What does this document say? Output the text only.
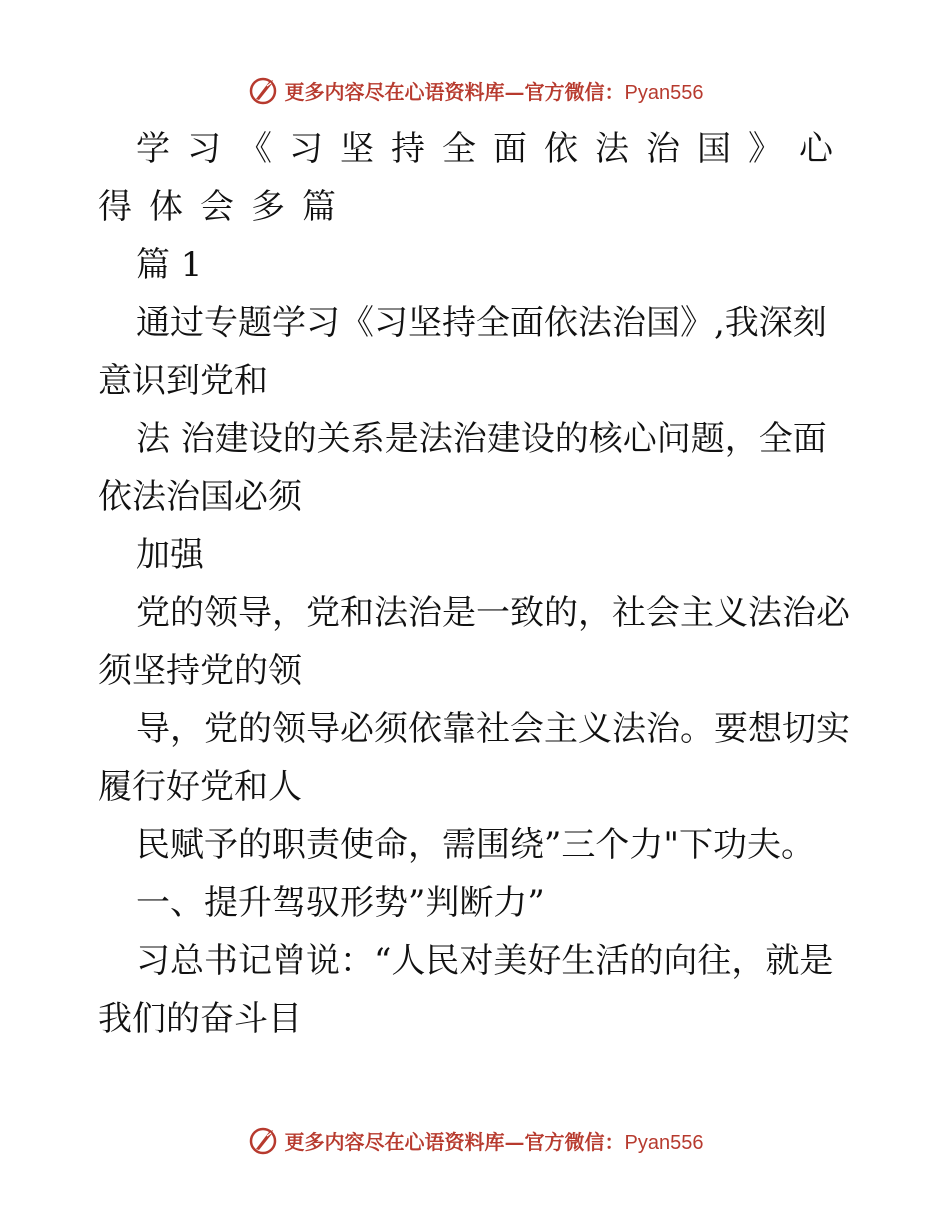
更多内容尽在心语资料库—官方微信：Pyan556
学习《习坚持全面依法治国》心
得体会多篇
篇 1
通过专题学习《习坚持全面依法治国》,我深刻
意识到党和
法 治建设的关系是法治建设的核心问题，全面
依法治国必须
加强
党的领导，党和法治是一致的，社会主义法治必
须坚持党的领
导，党的领导必须依靠社会主义法治。要想切实
履行好党和人
民赋予的职责使命，需围绕”三个力"下功夫。
一、提升驾驭形势”判断力”
习总书记曾说：“人民对美好生活的向往，就是
我们的奋斗目
更多内容尽在心语资料库—官方微信：Pyan556
